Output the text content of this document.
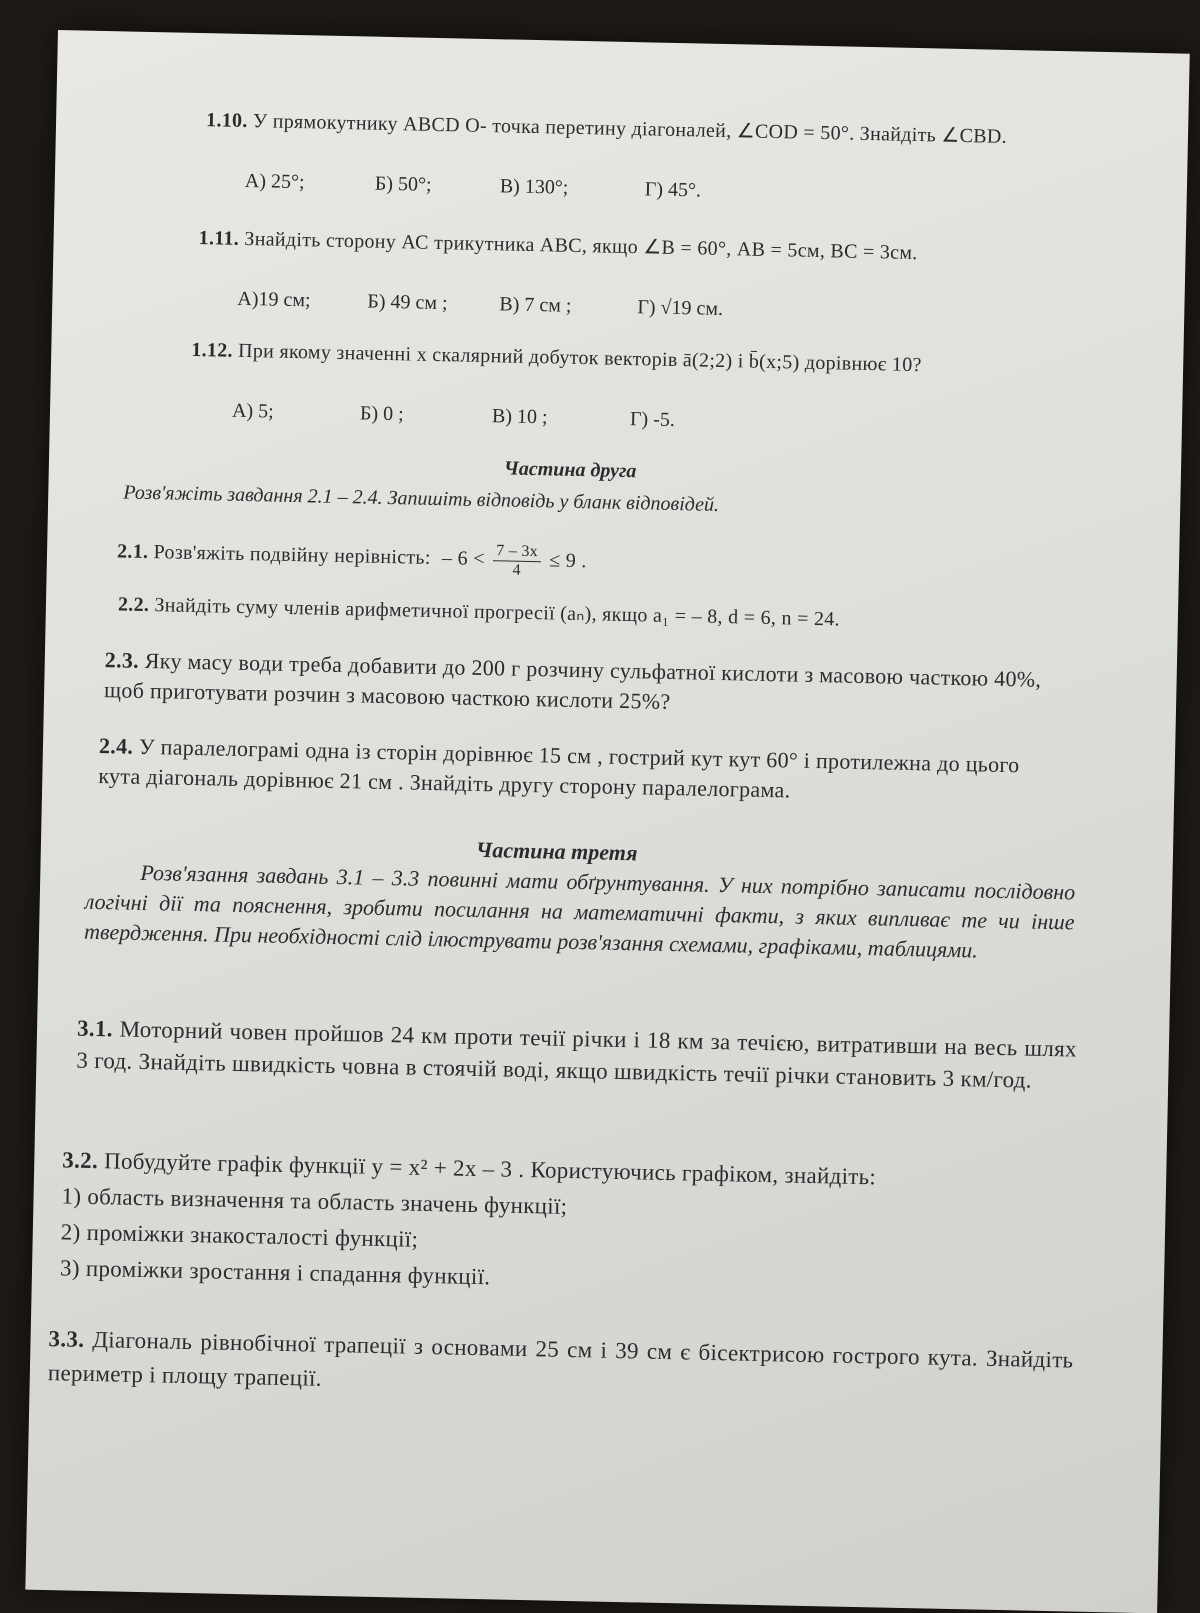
1.10. У прямокутнику ABCD O- точка перетину діагоналей, ∠COD = 50°. Знайдіть ∠CBD.
А) 25°;	Б) 50°;	В) 130°;	Г) 45°.
1.11. Знайдіть сторону АС трикутника АВС, якщо ∠B = 60°, АВ = 5см, ВС = 3см.
А)19 см;	Б) 49 см ;	В) 7 см ;	Г) √19 см.
1.12. При якому значенні x скалярний добуток векторів ā(2;2) і b̄(x;5) дорівнює 10?
А) 5;	Б) 0 ;	В) 10 ;	Г) -5.
Частина друга
Розв'яжіть завдання 2.1 – 2.4. Запишіть відповідь у бланк відповідей.
2.1. Розв'яжіть подвійну нерівність: – $6 < \frac{7 - 3x}{4} \le 9$ .
2.2. Знайдіть суму членів арифметичної прогресії (aₙ), якщо a₁ = – 8, d = 6, n = 24.
2.3. Яку масу води треба добавити до 200 г розчину сульфатної кислоти з масовою часткою 40%, щоб приготувати розчин з масовою часткою кислоти 25%?
2.4. У паралелограмі одна із сторін дорівнює 15 см , гострий кут кут 60° і протилежна до цього кута діагональ дорівнює 21 см . Знайдіть другу сторону паралелограма.
Частина третя
Розв'язання завдань 3.1 – 3.3 повинні мати обґрунтування. У них потрібно записати послідовно логічні дії та пояснення, зробити посилання на математичні факти, з яких випливає те чи інше твердження. При необхідності слід ілюструвати розв'язання схемами, графіками, таблицями.
3.1. Моторний човен пройшов 24 км проти течії річки і 18 км за течією, витративши на весь шлях 3 год. Знайдіть швидкість човна в стоячій воді, якщо швидкість течії річки становить 3 км/год.
3.2. Побудуйте графік функції y = x² + 2x – 3 . Користуючись графіком, знайдіть:
1) область визначення та область значень функції;
2) проміжки знакосталості функції;
3) проміжки зростання і спадання функції.
3.3. Діагональ рівнобічної трапеції з основами 25 см і 39 см є бісектрисою гострого кута. Знайдіть периметр і площу трапеції.
